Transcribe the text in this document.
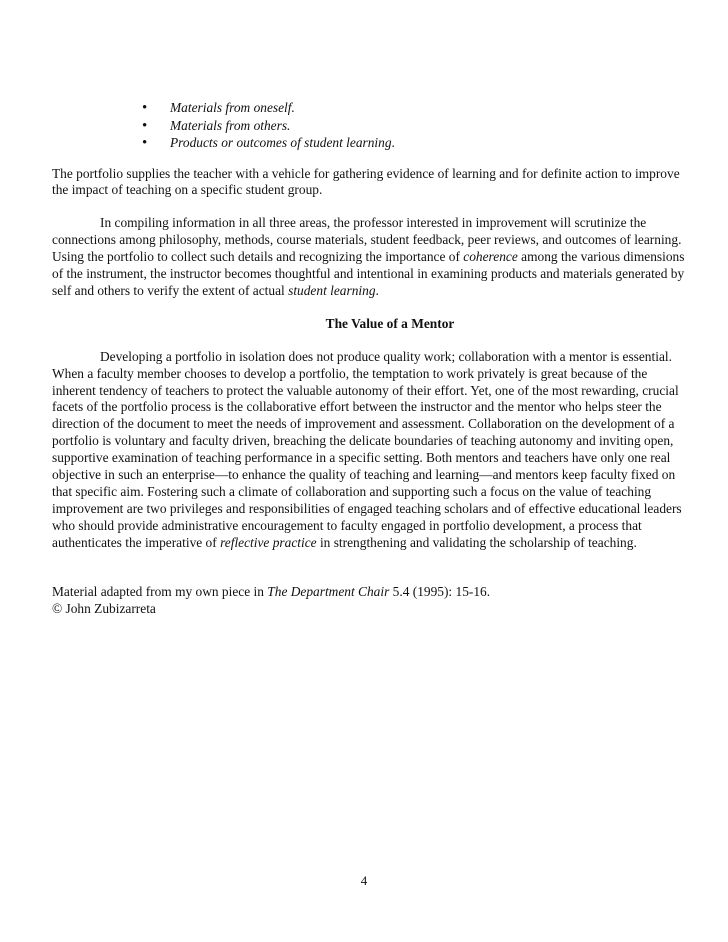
• Materials from oneself.
• Materials from others.
• Products or outcomes of student learning.

The portfolio supplies the teacher with a vehicle for gathering evidence of learning and for definite action to improve the impact of teaching on a specific student group.

In compiling information in all three areas, the professor interested in improvement will scrutinize the connections among philosophy, methods, course materials, student feedback, peer reviews, and outcomes of learning. Using the portfolio to collect such details and recognizing the importance of coherence among the various dimensions of the instrument, the instructor becomes thoughtful and intentional in examining products and materials generated by self and others to verify the extent of actual student learning.

The Value of a Mentor

Developing a portfolio in isolation does not produce quality work; collaboration with a mentor is essential. When a faculty member chooses to develop a portfolio, the temptation to work privately is great because of the inherent tendency of teachers to protect the valuable autonomy of their effort. Yet, one of the most rewarding, crucial facets of the portfolio process is the collaborative effort between the instructor and the mentor who helps steer the direction of the document to meet the needs of improvement and assessment. Collaboration on the development of a portfolio is voluntary and faculty driven, breaching the delicate boundaries of teaching autonomy and inviting open, supportive examination of teaching performance in a specific setting. Both mentors and teachers have only one real objective in such an enterprise—to enhance the quality of teaching and learning—and mentors keep faculty fixed on that specific aim. Fostering such a climate of collaboration and supporting such a focus on the value of teaching improvement are two privileges and responsibilities of engaged teaching scholars and of effective educational leaders who should provide administrative encouragement to faculty engaged in portfolio development, a process that authenticates the imperative of reflective practice in strengthening and validating the scholarship of teaching.

Material adapted from my own piece in The Department Chair 5.4 (1995): 15-16.
© John Zubizarreta
4
